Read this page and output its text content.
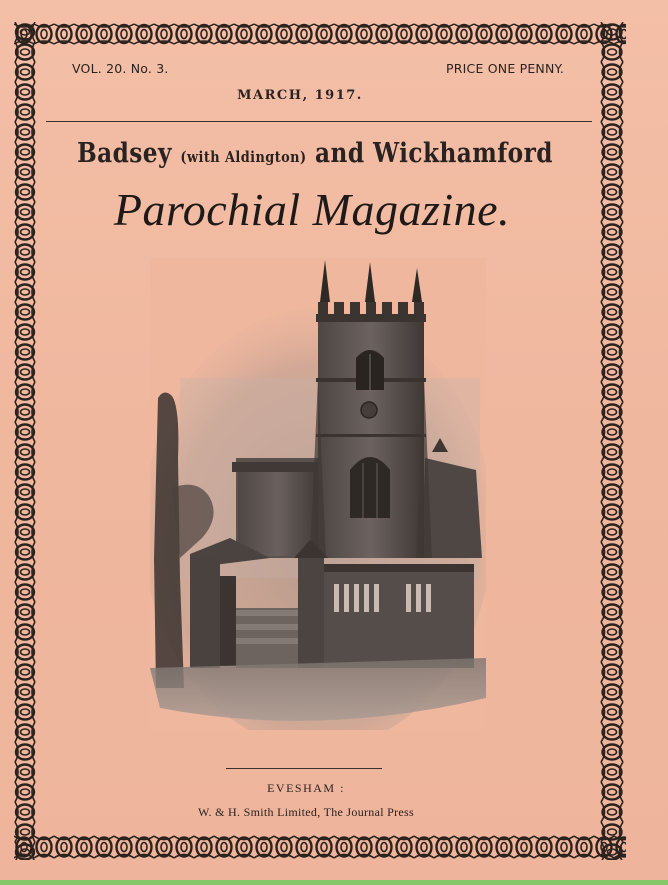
VOL. 20. No. 3.	PRICE ONE PENNY.
MARCH, 1917.
Badsey (with Aldington) and Wickhamford
Parochial Magazine.
EVESHAM :
W. & H. Smith Limited, The Journal Press
